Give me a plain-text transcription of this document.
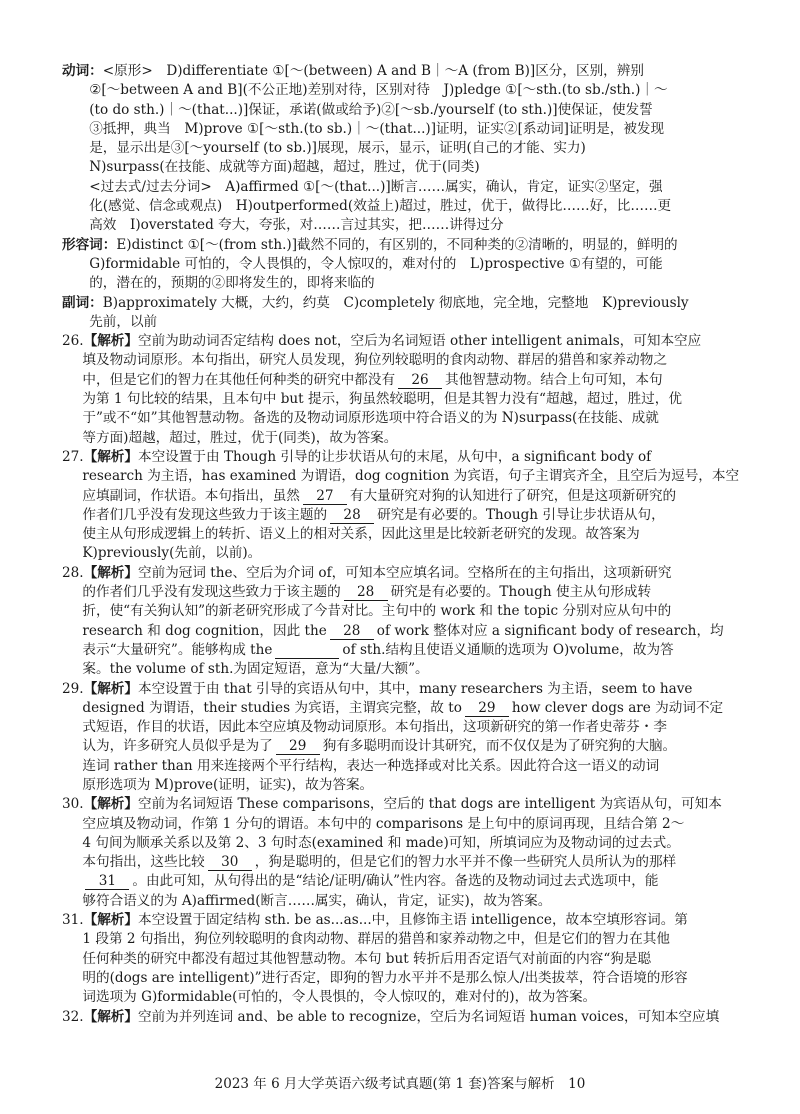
动词：<原形>　D)differentiate ①[～(between) A and B｜～A (from B)]区分，区别，辨别

②[～between A and B](不公正地)差别对待，区别对待　J)pledge ①[～sth.(to sb./sth.)｜～

(to do sth.)｜～(that...)]保证，承诺(做或给予)②[～sb./yourself (to sth.)]使保证，使发誓

③抵押，典当　M)prove ①[～sth.(to sb.)｜～(that...)]证明，证实②[系动词]证明是，被发现

是，显示出是③[～yourself (to sb.)]展现，展示，显示，证明(自己的才能、实力)

N)surpass(在技能、成就等方面)超越，超过，胜过，优于(同类)

<过去式/过去分词>　A)affirmed ①[～(that...)]断言……属实，确认，肯定，证实②坚定，强

化(感觉、信念或观点)　H)outperformed(效益上)超过，胜过，优于，做得比……好，比……更

高效　I)overstated 夸大，夸张，对……言过其实，把……讲得过分

形容词：E)distinct ①[～(from sth.)]截然不同的，有区别的，不同种类的②清晰的，明显的，鲜明的

G)formidable 可怕的，令人畏惧的，令人惊叹的，难对付的　L)prospective ①有望的，可能

的，潜在的，预期的②即将发生的，即将来临的

副词：B)approximately 大概，大约，约莫　C)completely 彻底地，完全地，完整地　K)previously

先前，以前

26.【解析】空前为助动词否定结构 does not，空后为名词短语 other intelligent animals，可知本空应

填及物动词原形。本句指出，研究人员发现，狗位列较聪明的食肉动物、群居的猎兽和家养动物之

中，但是它们的智力在其他任何种类的研究中都没有 26 其他智慧动物。结合上句可知，本句

为第 1 句比较的结果，且本句中 but 提示，狗虽然较聪明，但是其智力没有“超越，超过，胜过，优

于”或不“如”其他智慧动物。备选的及物动词原形选项中符合语义的为 N)surpass(在技能、成就

等方面)超越，超过，胜过，优于(同类)，故为答案。

27.【解析】本空设置于由 Though 引导的让步状语从句的末尾，从句中，a significant body of

research 为主语，has examined 为谓语，dog cognition 为宾语，句子主谓宾齐全，且空后为逗号，本空

应填副词，作状语。本句指出，虽然 27 有大量研究对狗的认知进行了研究，但是这项新研究的

作者们几乎没有发现这些致力于该主题的 28 研究是有必要的。Though 引导让步状语从句，

使主从句形成逻辑上的转折、语义上的相对关系，因此这里是比较新老研究的发现。故答案为

K)previously(先前，以前)。

28.【解析】空前为冠词 the、空后为介词 of，可知本空应填名词。空格所在的主句指出，这项新研究

的作者们几乎没有发现这些致力于该主题的 28 研究是有必要的。Though 使主从句形成转

折，使“有关狗认知”的新老研究形成了今昔对比。主句中的 work 和 the topic 分别对应从句中的

research 和 dog cognition，因此 the 28 of work 整体对应 a significant body of research，均

表示“大量研究”。能够构成 the	of sth.结构且使语义通顺的选项为 O)volume，故为答

案。the volume of sth.为固定短语，意为“大量/大额”。

29.【解析】本空设置于由 that 引导的宾语从句中，其中，many researchers 为主语，seem to have

designed 为谓语，their studies 为宾语，主谓宾完整，故 to 29 how clever dogs are 为动词不定

式短语，作目的状语，因此本空应填及物动词原形。本句指出，这项新研究的第一作者史蒂芬・李

认为，许多研究人员似乎是为了 29 狗有多聪明而设计其研究，而不仅仅是为了研究狗的大脑。

连词 rather than 用来连接两个平行结构，表达一种选择或对比关系。因此符合这一语义的动词

原形选项为 M)prove(证明，证实)，故为答案。

30.【解析】空前为名词短语 These comparisons，空后的 that dogs are intelligent 为宾语从句，可知本

空应填及物动词，作第 1 分句的谓语。本句中的 comparisons 是上句中的原词再现，且结合第 2～

4 句间为顺承关系以及第 2、3 句时态(examined 和 made)可知，所填词应为及物动词的过去式。

本句指出，这些比较 30 ，狗是聪明的，但是它们的智力水平并不像一些研究人员所认为的那样

31 。由此可知，从句得出的是“结论/证明/确认”性内容。备选的及物动词过去式选项中，能

够符合语义的为 A)affirmed(断言……属实，确认，肯定，证实)，故为答案。

31.【解析】本空设置于固定结构 sth. be as...as...中，且修饰主语 intelligence，故本空填形容词。第

1 段第 2 句指出，狗位列较聪明的食肉动物、群居的猎兽和家养动物之中，但是它们的智力在其他

任何种类的研究中都没有超过其他智慧动物。本句 but 转折后用否定语气对前面的内容“狗是聪

明的(dogs are intelligent)”进行否定，即狗的智力水平并不是那么惊人/出类拔萃，符合语境的形容

词选项为 G)formidable(可怕的，令人畏惧的，令人惊叹的，难对付的)，故为答案。

32.【解析】空前为并列连词 and、be able to recognize，空后为名词短语 human voices，可知本空应填

2023 年 6 月大学英语六级考试真题(第 1 套)答案与解析　10
